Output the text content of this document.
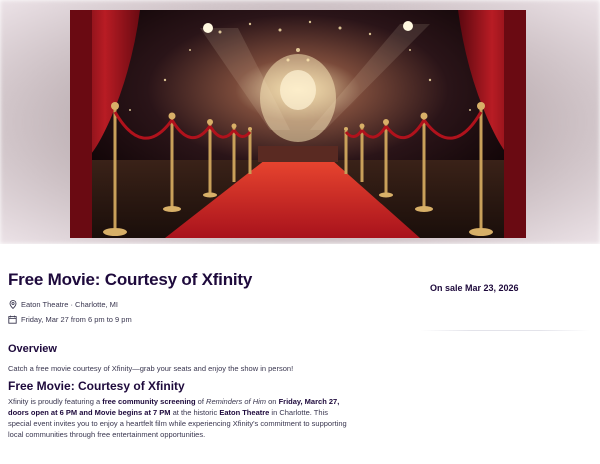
Free Movie: Courtesy of Xfinity
Eaton Theatre · Charlotte, MI
Friday, Mar 27 from 6 pm to 9 pm
On sale Mar 23, 2026
Overview
Catch a free movie courtesy of Xfinity—grab your seats and enjoy the show in person!
Free Movie: Courtesy of Xfinity
Xfinity is proudly featuring a free community screening of Reminders of Him on Friday, March 27, doors open at 6 PM and Movie begins at 7 PM at the historic Eaton Theatre in Charlotte. This special event invites you to enjoy a heartfelt film while experiencing Xfinity's commitment to supporting local communities through free entertainment opportunities.
